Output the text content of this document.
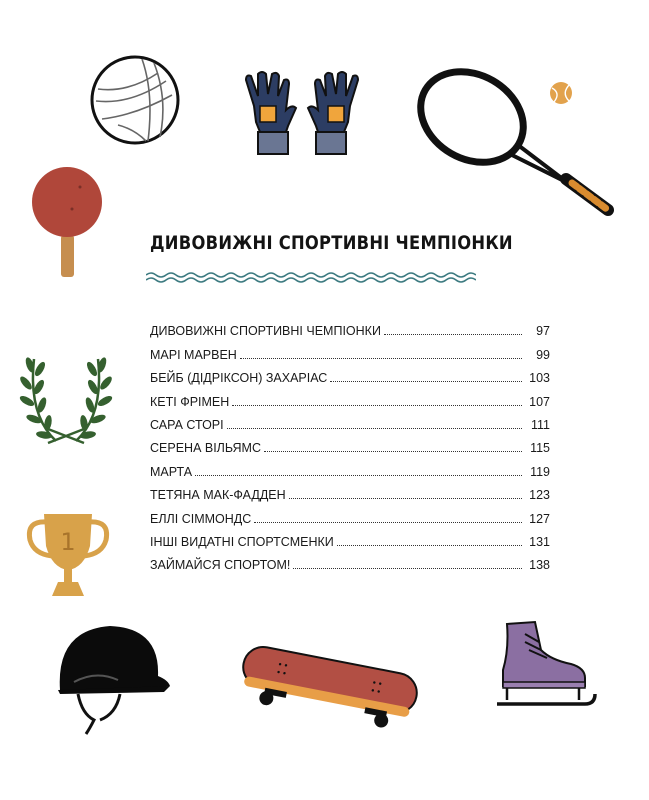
ДИВОВИЖНІ СПОРТИВНІ ЧЕМПІОНКИ
1
ДИВОВИЖНІ СПОРТИВНІ ЧЕМПІОНКИ	97
МАРІ МАРВЕН	99
БЕЙБ (ДІДРІКСОН) ЗАХАРІАС	103
КЕТІ ФРІМЕН	107
САРА СТОРІ	111
СЕРЕНА ВІЛЬЯМС	115
МАРТА	119
ТЕТЯНА МАК-ФАДДЕН	123
ЕЛЛІ СІММОНДС	127
ІНШІ ВИДАТНІ СПОРТСМЕНКИ	131
ЗАЙМАЙСЯ СПОРТОМ!	138
